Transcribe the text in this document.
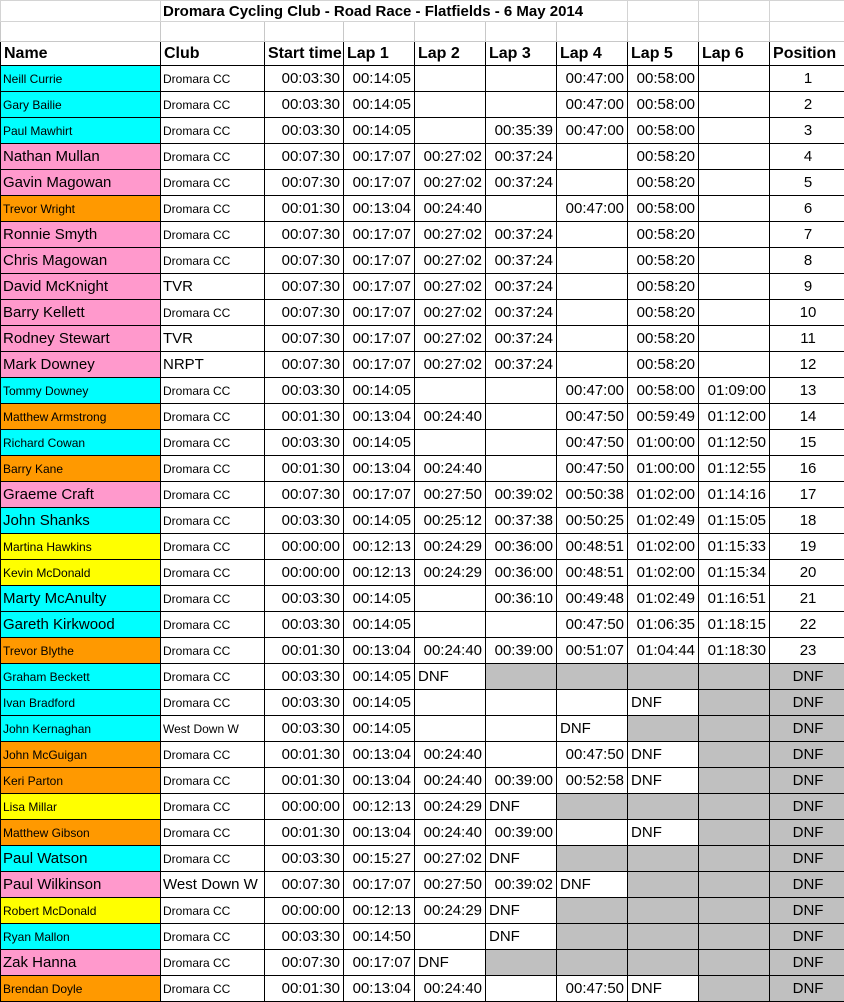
	Dromara Cycling Club - Road Race - Flatfields - 6 May 2014								

Name	Club	Start time	Lap 1	Lap 2	Lap 3	Lap 4	Lap 5	Lap 6	Position
Neill Currie	Dromara CC	00:03:30	00:14:05			00:47:00	00:58:00		1
Gary Bailie	Dromara CC	00:03:30	00:14:05			00:47:00	00:58:00		2
Paul Mawhirt	Dromara CC	00:03:30	00:14:05		00:35:39	00:47:00	00:58:00		3
Nathan Mullan	Dromara CC	00:07:30	00:17:07	00:27:02	00:37:24		00:58:20		4
Gavin Magowan	Dromara CC	00:07:30	00:17:07	00:27:02	00:37:24		00:58:20		5
Trevor Wright	Dromara CC	00:01:30	00:13:04	00:24:40		00:47:00	00:58:00		6
Ronnie Smyth	Dromara CC	00:07:30	00:17:07	00:27:02	00:37:24		00:58:20		7
Chris Magowan	Dromara CC	00:07:30	00:17:07	00:27:02	00:37:24		00:58:20		8
David McKnight	TVR	00:07:30	00:17:07	00:27:02	00:37:24		00:58:20		9
Barry Kellett	Dromara CC	00:07:30	00:17:07	00:27:02	00:37:24		00:58:20		10
Rodney Stewart	TVR	00:07:30	00:17:07	00:27:02	00:37:24		00:58:20		11
Mark Downey	NRPT	00:07:30	00:17:07	00:27:02	00:37:24		00:58:20		12
Tommy Downey	Dromara CC	00:03:30	00:14:05			00:47:00	00:58:00	01:09:00	13
Matthew Armstrong	Dromara CC	00:01:30	00:13:04	00:24:40		00:47:50	00:59:49	01:12:00	14
Richard Cowan	Dromara CC	00:03:30	00:14:05			00:47:50	01:00:00	01:12:50	15
Barry Kane	Dromara CC	00:01:30	00:13:04	00:24:40		00:47:50	01:00:00	01:12:55	16
Graeme Craft	Dromara CC	00:07:30	00:17:07	00:27:50	00:39:02	00:50:38	01:02:00	01:14:16	17
John Shanks	Dromara CC	00:03:30	00:14:05	00:25:12	00:37:38	00:50:25	01:02:49	01:15:05	18
Martina Hawkins	Dromara CC	00:00:00	00:12:13	00:24:29	00:36:00	00:48:51	01:02:00	01:15:33	19
Kevin McDonald	Dromara CC	00:00:00	00:12:13	00:24:29	00:36:00	00:48:51	01:02:00	01:15:34	20
Marty McAnulty	Dromara CC	00:03:30	00:14:05		00:36:10	00:49:48	01:02:49	01:16:51	21
Gareth Kirkwood	Dromara CC	00:03:30	00:14:05			00:47:50	01:06:35	01:18:15	22
Trevor Blythe	Dromara CC	00:01:30	00:13:04	00:24:40	00:39:00	00:51:07	01:04:44	01:18:30	23
Graham Beckett	Dromara CC	00:03:30	00:14:05	DNF					DNF
Ivan Bradford	Dromara CC	00:03:30	00:14:05				DNF		DNF
John Kernaghan	West Down W	00:03:30	00:14:05			DNF			DNF
John McGuigan	Dromara CC	00:01:30	00:13:04	00:24:40		00:47:50	DNF		DNF
Keri Parton	Dromara CC	00:01:30	00:13:04	00:24:40	00:39:00	00:52:58	DNF		DNF
Lisa Millar	Dromara CC	00:00:00	00:12:13	00:24:29	DNF				DNF
Matthew Gibson	Dromara CC	00:01:30	00:13:04	00:24:40	00:39:00		DNF		DNF
Paul Watson	Dromara CC	00:03:30	00:15:27	00:27:02	DNF				DNF
Paul Wilkinson	West Down W	00:07:30	00:17:07	00:27:50	00:39:02	DNF			DNF
Robert McDonald	Dromara CC	00:00:00	00:12:13	00:24:29	DNF				DNF
Ryan Mallon	Dromara CC	00:03:30	00:14:50		DNF				DNF
Zak Hanna	Dromara CC	00:07:30	00:17:07	DNF					DNF
Brendan Doyle	Dromara CC	00:01:30	00:13:04	00:24:40		00:47:50	DNF		DNF
